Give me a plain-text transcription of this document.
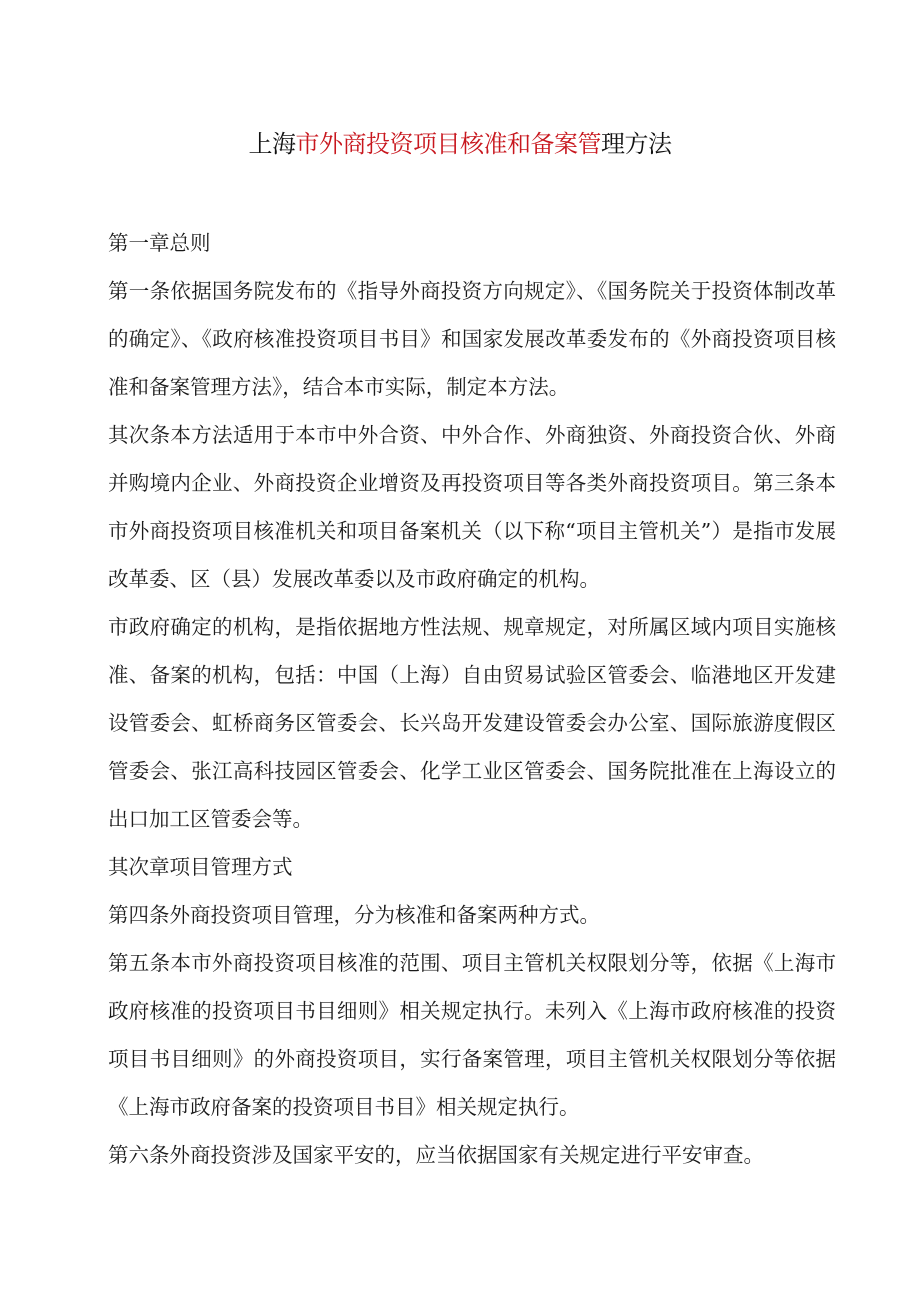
上海市外商投资项目核准和备案管理方法

第一章总则

第一条依据国务院发布的《指导外商投资方向规定》、《国务院关于投资体制改革的确定》、《政府核准投资项目书目》和国家发展改革委发布的《外商投资项目核准和备案管理方法》，结合本市实际，制定本方法。

其次条本方法适用于本市中外合资、中外合作、外商独资、外商投资合伙、外商并购境内企业、外商投资企业增资及再投资项目等各类外商投资项目。第三条本市外商投资项目核准机关和项目备案机关（以下称“项目主管机关”）是指市发展改革委、区（县）发展改革委以及市政府确定的机构。

市政府确定的机构，是指依据地方性法规、规章规定，对所属区域内项目实施核准、备案的机构，包括：中国（上海）自由贸易试验区管委会、临港地区开发建设管委会、虹桥商务区管委会、长兴岛开发建设管委会办公室、国际旅游度假区管委会、张江高科技园区管委会、化学工业区管委会、国务院批准在上海设立的出口加工区管委会等。

其次章项目管理方式

第四条外商投资项目管理，分为核准和备案两种方式。

第五条本市外商投资项目核准的范围、项目主管机关权限划分等，依据《上海市政府核准的投资项目书目细则》相关规定执行。未列入《上海市政府核准的投资项目书目细则》的外商投资项目，实行备案管理，项目主管机关权限划分等依据《上海市政府备案的投资项目书目》相关规定执行。

第六条外商投资涉及国家平安的，应当依据国家有关规定进行平安审查。
